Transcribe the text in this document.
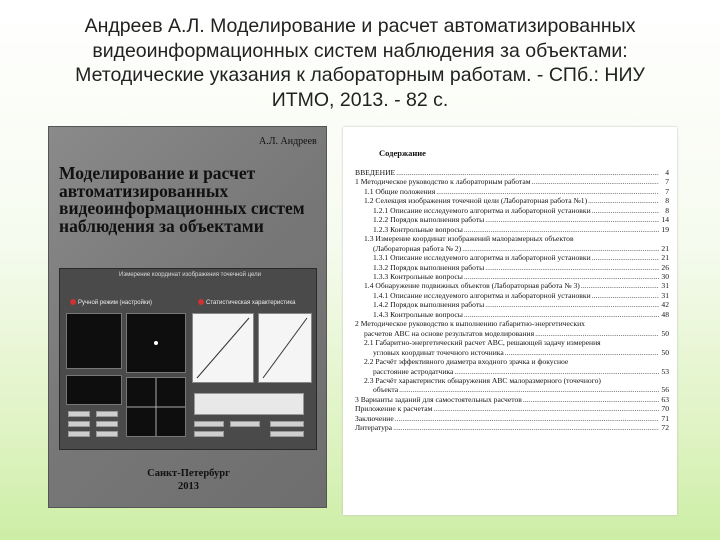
Андреев А.Л. Моделирование и расчет автоматизированных
видеоинформационных систем наблюдения за объектами:
Методические указания к лабораторным работам. - СПб.: НИУ
ИТМО, 2013. - 82 с.
А.Л. Андреев
Моделирование и расчет
автоматизированных
видеоинформационных систем
наблюдения за объектами
Измерение координат изображения точечной цели
Ручной режим (настройки)	Статистическая характеристика
Санкт-Петербург
2013
Содержание
ВВЕДЕНИЕ .....	4
1 Методическое руководство к лабораторным работам .....	7
1.1 Общие положения .....	7
1.2 Селекция изображения точечной цели (Лабораторная работа №1) .....	8
1.2.1 Описание исследуемого алгоритма и лабораторной установки .....	8
1.2.2 Порядок выполнения работы .....	14
1.2.3 Контрольные вопросы .....	19
1.3 Измерение координат изображений малоразмерных объектов
(Лабораторная работа № 2) .....	21
1.3.1 Описание исследуемого алгоритма и лабораторной установки .....	21
1.3.2 Порядок выполнения работы .....	26
1.3.3 Контрольные вопросы .....	30
1.4 Обнаружение подвижных объектов (Лабораторная работа № 3) .....	31
1.4.1 Описание исследуемого алгоритма и лабораторной установки .....	31
1.4.2 Порядок выполнения работы .....	42
1.4.3 Контрольные вопросы .....	48
2 Методическое руководство к выполнению габаритно-энергетических
расчетов АВС на основе результатов моделирования .....	50
2.1 Габаритно-энергетический расчет АВС, решающей задачу измерения
угловых координат точечного источника .....	50
2.2 Расчёт эффективного диаметра входного зрачка и фокусное
расстояние астродатчика .....	53
2.3 Расчёт характеристик обнаружения АВС малоразмерного (точечного)
объекта .....	56
3 Варианты заданий для самостоятельных расчетов .....	63
Приложение к расчетам .....	70
Заключение .....	71
Литература .....	72
